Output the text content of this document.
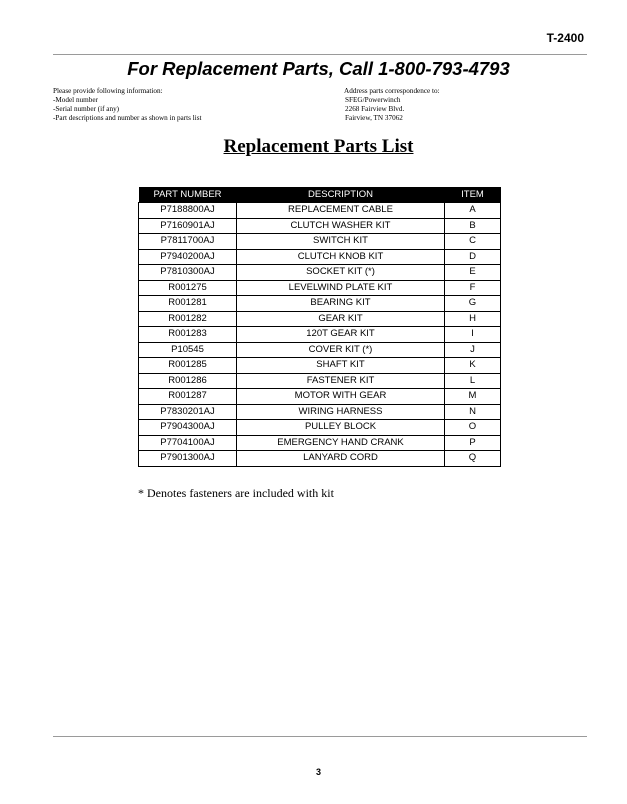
T-2400
For Replacement Parts, Call 1-800-793-4793
Please provide following information:
-Model number
-Serial number (if any)
-Part descriptions and number as shown in parts list
Address parts correspondence to:
SFEG/Powerwinch
2268 Fairview Blvd.
Fairview, TN 37062
Replacement Parts List
PART NUMBER	DESCRIPTION	ITEM
P7188800AJ	REPLACEMENT CABLE	A
P7160901AJ	CLUTCH WASHER KIT	B
P7811700AJ	SWITCH KIT	C
P7940200AJ	CLUTCH KNOB KIT	D
P7810300AJ	SOCKET KIT (*)	E
R001275	LEVELWIND PLATE KIT	F
R001281	BEARING KIT	G
R001282	GEAR KIT	H
R001283	120T GEAR KIT	I
P10545	COVER KIT (*)	J
R001285	SHAFT KIT	K
R001286	FASTENER KIT	L
R001287	MOTOR WITH GEAR	M
P7830201AJ	WIRING HARNESS	N
P7904300AJ	PULLEY BLOCK	O
P7704100AJ	EMERGENCY HAND CRANK	P
P7901300AJ	LANYARD CORD	Q
* Denotes fasteners are included with kit
3
